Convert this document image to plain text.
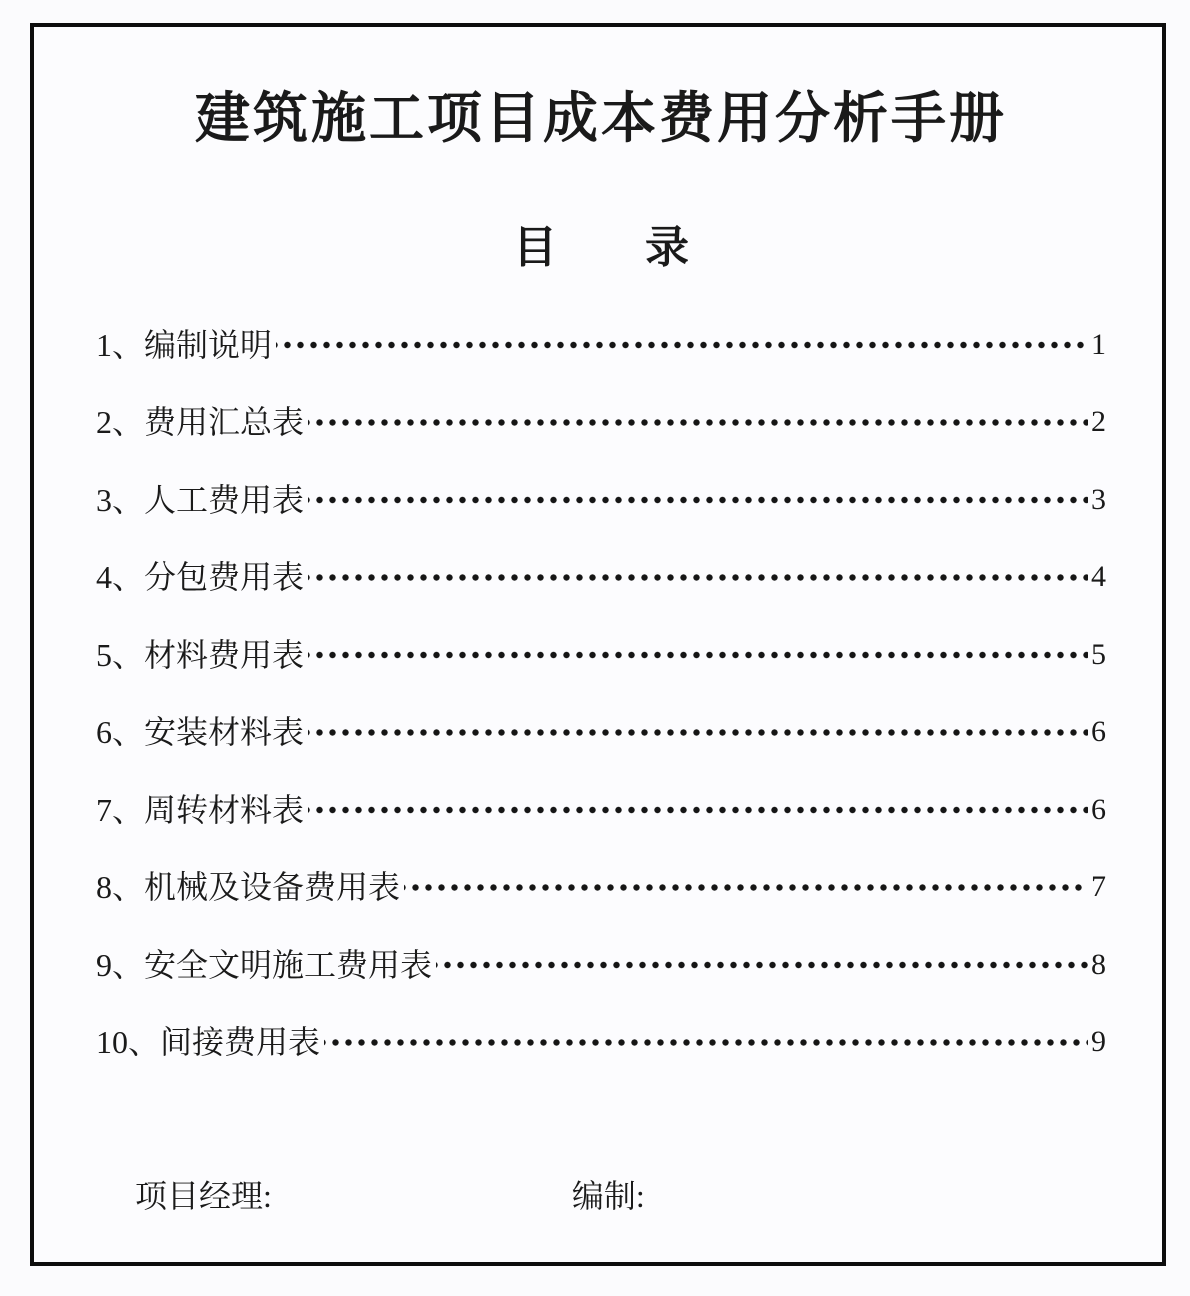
建筑施工项目成本费用分析手册
目 录
1、编制说明	1
2、费用汇总表	2
3、人工费用表	3
4、分包费用表	4
5、材料费用表	5
6、安装材料表	6
7、周转材料表	6
8、机械及设备费用表	7
9、安全文明施工费用表	8
10、间接费用表	9
项目经理:	编制:
